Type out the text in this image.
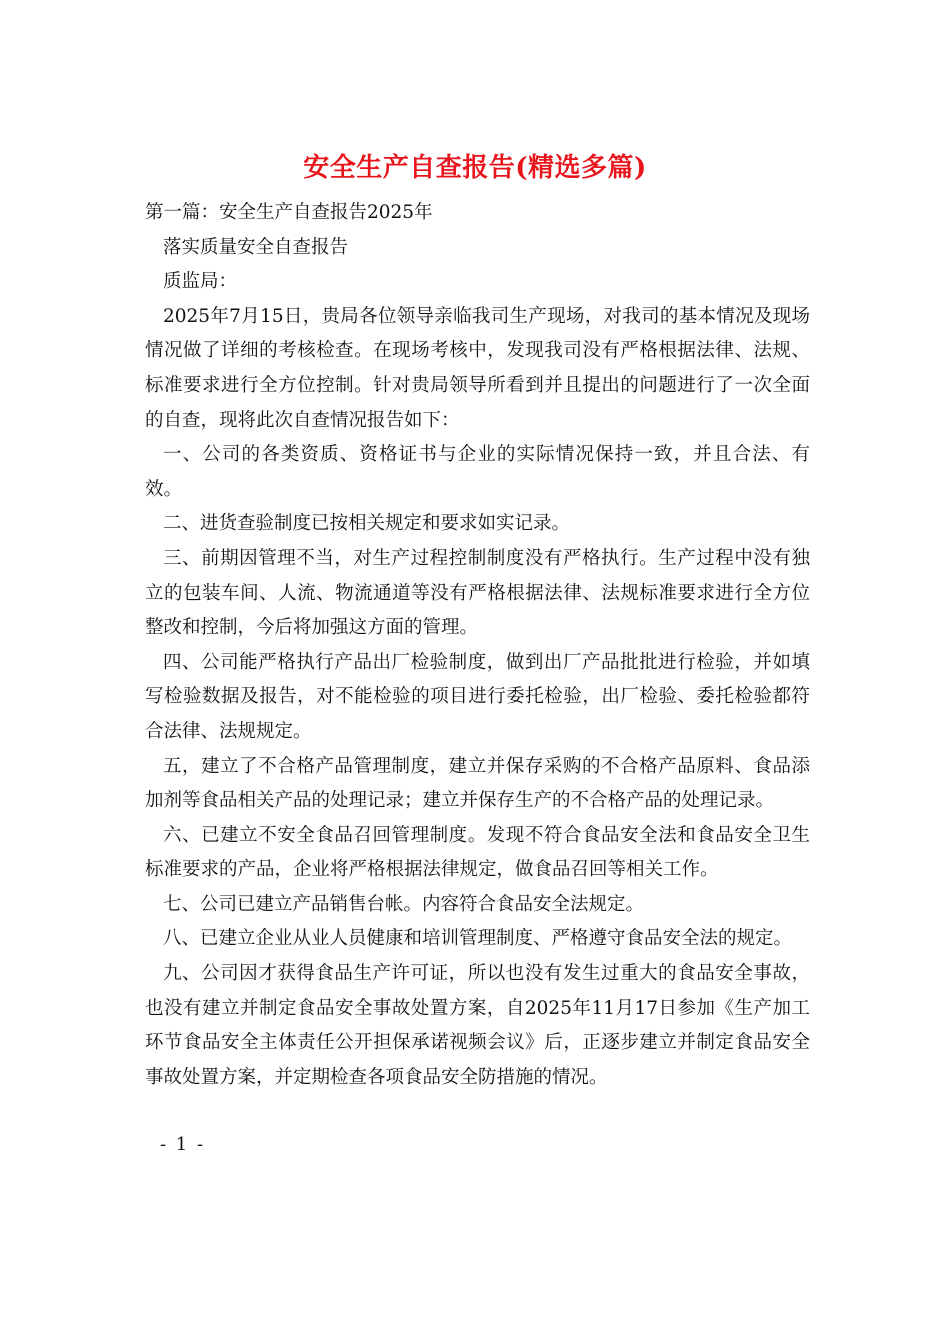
安全生产自查报告(精选多篇)

第一篇：安全生产自查报告2025年

落实质量安全自查报告

质监局：

2025年7月15日，贵局各位领导亲临我司生产现场，对我司的基本情况及现场情况做了详细的考核检查。在现场考核中，发现我司没有严格根据法律、法规、标准要求进行全方位控制。针对贵局领导所看到并且提出的问题进行了一次全面的自查，现将此次自查情况报告如下：

一、公司的各类资质、资格证书与企业的实际情况保持一致，并且合法、有效。

二、进货查验制度已按相关规定和要求如实记录。

三、前期因管理不当，对生产过程控制制度没有严格执行。生产过程中没有独立的包装车间、人流、物流通道等没有严格根据法律、法规标准要求进行全方位整改和控制，今后将加强这方面的管理。

四、公司能严格执行产品出厂检验制度，做到出厂产品批批进行检验，并如填写检验数据及报告，对不能检验的项目进行委托检验，出厂检验、委托检验都符合法律、法规规定。

五，建立了不合格产品管理制度，建立并保存采购的不合格产品原料、食品添加剂等食品相关产品的处理记录；建立并保存生产的不合格产品的处理记录。

六、已建立不安全食品召回管理制度。发现不符合食品安全法和食品安全卫生标准要求的产品，企业将严格根据法律规定，做食品召回等相关工作。

七、公司已建立产品销售台帐。内容符合食品安全法规定。

八、已建立企业从业人员健康和培训管理制度、严格遵守食品安全法的规定。

九、公司因才获得食品生产许可证，所以也没有发生过重大的食品安全事故，也没有建立并制定食品安全事故处置方案，自2025年11月17日参加《生产加工环节食品安全主体责任公开担保承诺视频会议》后，正逐步建立并制定食品安全事故处置方案，并定期检查各项食品安全防措施的情况。

- 1 -
